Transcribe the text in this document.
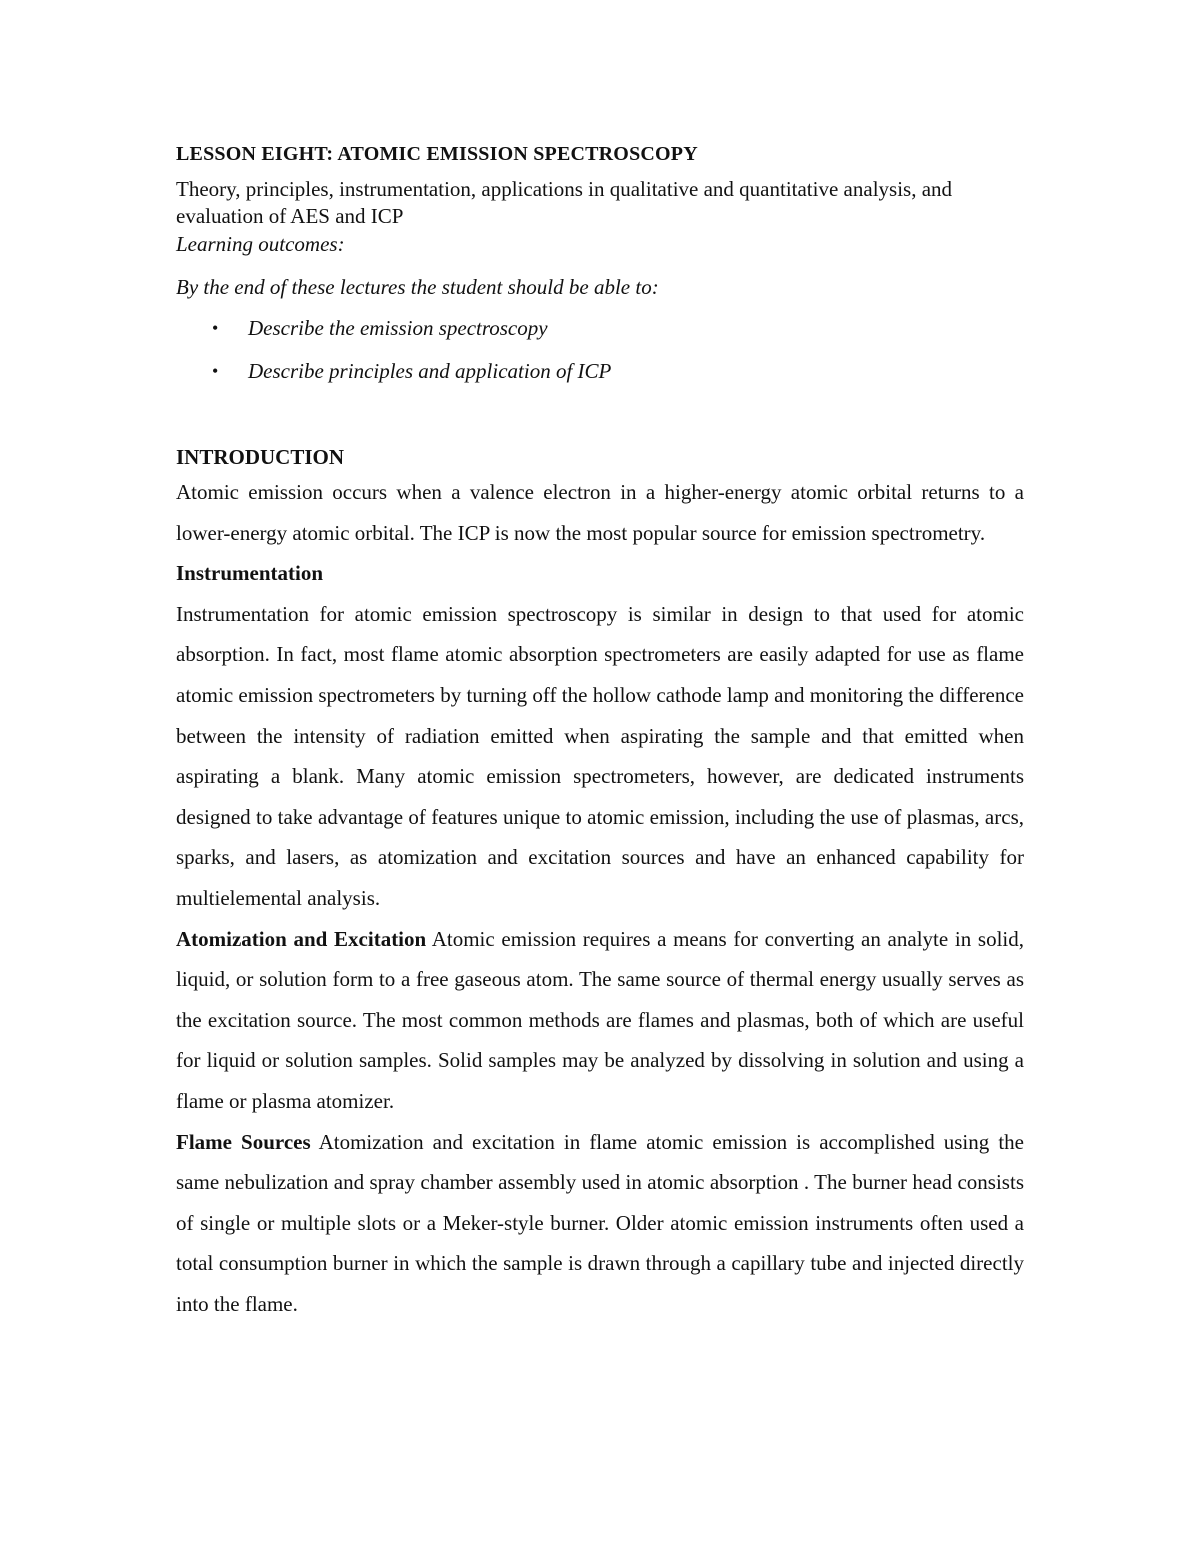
LESSON EIGHT: ATOMIC EMISSION SPECTROSCOPY

Theory, principles, instrumentation, applications in qualitative and quantitative analysis, and evaluation of AES and ICP

Learning outcomes:

By the end of these lectures the student should be able to:

• Describe the emission spectroscopy
• Describe principles and application of ICP

INTRODUCTION

Atomic emission occurs when a valence electron in a higher-energy atomic orbital returns to a lower-energy atomic orbital. The ICP is now the most popular source for emission spectrometry.

Instrumentation

Instrumentation for atomic emission spectroscopy is similar in design to that used for atomic absorption. In fact, most flame atomic absorption spectrometers are easily adapted for use as flame atomic emission spectrometers by turning off the hollow cathode lamp and monitoring the difference between the intensity of radiation emitted when aspirating the sample and that emitted when aspirating a blank. Many atomic emission spectrometers, however, are dedicated instruments designed to take advantage of features unique to atomic emission, including the use of plasmas, arcs, sparks, and lasers, as atomization and excitation sources and have an enhanced capability for multielemental analysis.

Atomization and Excitation Atomic emission requires a means for converting an analyte in solid, liquid, or solution form to a free gaseous atom. The same source of thermal energy usually serves as the excitation source. The most common methods are flames and plasmas, both of which are useful for liquid or solution samples. Solid samples may be analyzed by dissolving in solution and using a flame or plasma atomizer.

Flame Sources Atomization and excitation in flame atomic emission is accomplished using the same nebulization and spray chamber assembly used in atomic absorption . The burner head consists of single or multiple slots or a Meker-style burner. Older atomic emission instruments often used a total consumption burner in which the sample is drawn through a capillary tube and injected directly into the flame.
